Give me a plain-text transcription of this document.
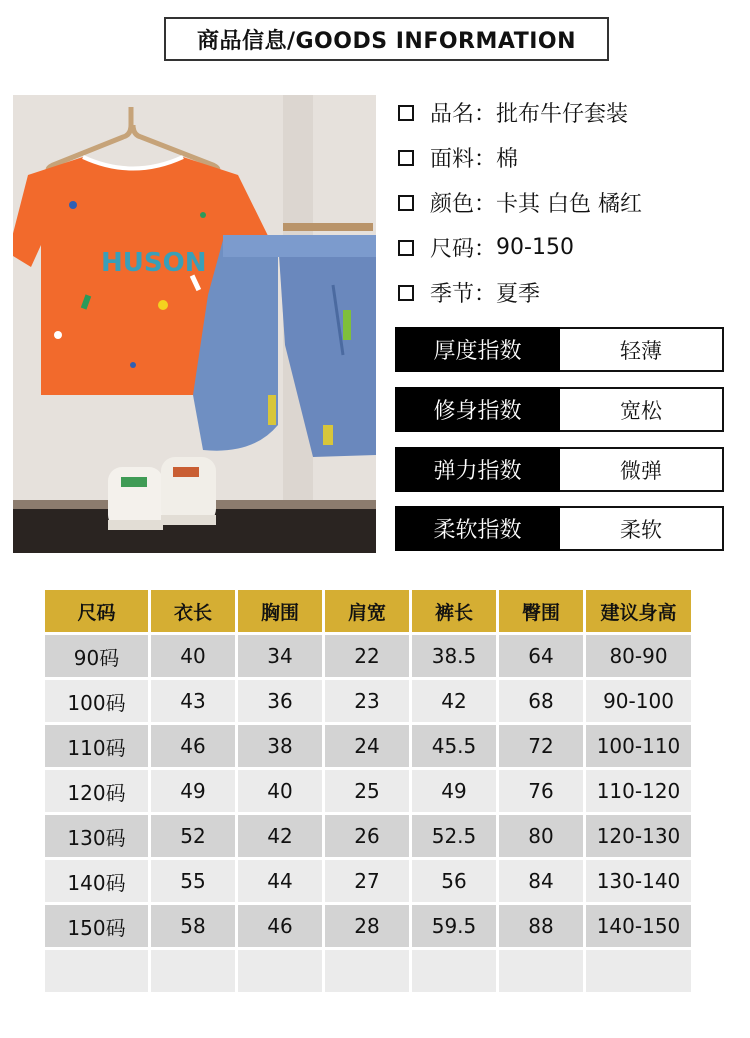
商品信息/GOODS INFORMATION
HUSON
品名： 批布牛仔套装
面料： 棉
颜色： 卡其 白色 橘红
尺码： 90-150
季节： 夏季
厚度指数	轻薄
修身指数	宽松
弹力指数	微弹
柔软指数	柔软
尺码	衣长	胸围	肩宽	裤长	臀围	建议身高
90码	40	34	22	38.5	64	80-90
100码	43	36	23	42	68	90-100
110码	46	38	24	45.5	72	100-110
120码	49	40	25	49	76	110-120
130码	52	42	26	52.5	80	120-130
140码	55	44	27	56	84	130-140
150码	58	46	28	59.5	88	140-150
